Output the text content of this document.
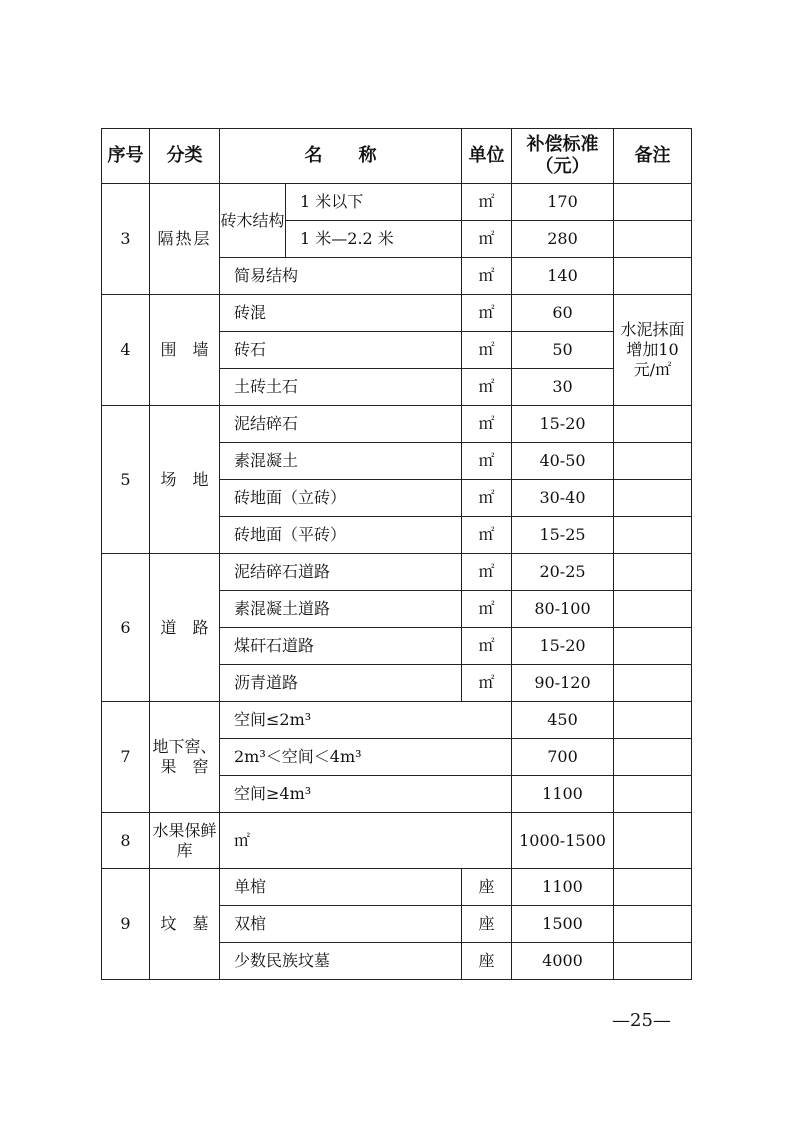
序号	分类	名　　称		单位	补偿标准（元）	备注
3	隔热层	砖木结构	1 米以下	㎡	170	
			1 米—2.2 米	㎡	280	
		简易结构		㎡	140	
4	围　墙	砖混		㎡	60	水泥抹面增加10 元/㎡
		砖石		㎡	50	
		土砖土石		㎡	30	
5	场　地	泥结碎石		㎡	15-20	
		素混凝土		㎡	40-50	
		砖地面（立砖）		㎡	30-40	
		砖地面（平砖）		㎡	15-25	
6	道　路	泥结碎石道路		㎡	20-25	
		素混凝土道路		㎡	80-100	
		煤矸石道路		㎡	15-20	
		沥青道路		㎡	90-120	
7	地下窖、果　窖	空间≤2m³			450	
		2m³＜空间＜4m³			700	
		空间≥4m³			1100	
8	水果保鲜库	㎡			1000-1500	
9	坟　墓	单棺		座	1100	
		双棺		座	1500	
		少数民族坟墓		座	4000	
—25—
